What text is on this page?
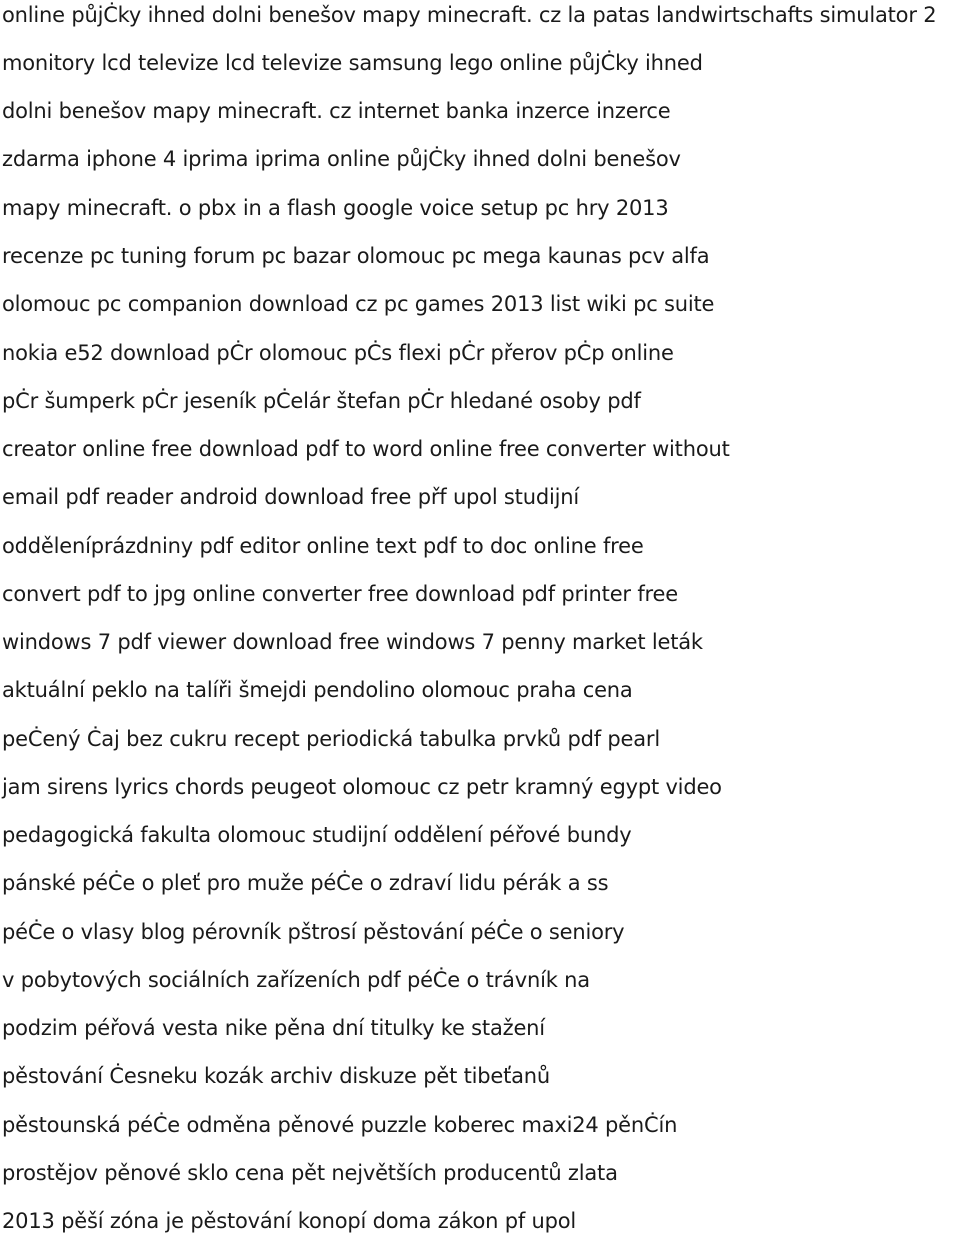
online půjĊky ihned dolni benešov mapy minecraft. cz la patas landwirtschafts simulator 2
monitory lcd televize lcd televize samsung lego online půjĊky ihned
dolni benešov mapy minecraft. cz internet banka inzerce inzerce
zdarma iphone 4 iprima iprima online půjĊky ihned dolni benešov
mapy minecraft. o pbx in a flash google voice setup pc hry 2013
recenze pc tuning forum pc bazar olomouc pc mega kaunas pcv alfa
olomouc pc companion download cz pc games 2013 list wiki pc suite
nokia e52 download pĊr olomouc pĊs flexi pĊr přerov pĊp online
pĊr šumperk pĊr jeseník pĊelár štefan pĊr hledané osoby pdf
creator online free download pdf to word online free converter without
email pdf reader android download free přf upol studijní
odděleníprázdniny pdf editor online text pdf to doc online free
convert pdf to jpg online converter free download pdf printer free
windows 7 pdf viewer download free windows 7 penny market leták
aktuální peklo na talíři šmejdi pendolino olomouc praha cena
peĊený Ċaj bez cukru recept periodická tabulka prvků pdf pearl
jam sirens lyrics chords peugeot olomouc cz petr kramný egypt video
pedagogická fakulta olomouc studijní oddělení péřové bundy
pánské péĊe o pleť pro muže péĊe o zdraví lidu pérák a ss
péĊe o vlasy blog pérovník pštrosí pěstování péĊe o seniory
v pobytových sociálních zařízeních pdf péĊe o trávník na
podzim péřová vesta nike pěna dní titulky ke stažení
pěstování Ċesneku kozák archiv diskuze pět tibeťanů
pěstounská péĊe odměna pěnové puzzle koberec maxi24 pěnĊín
prostějov pěnové sklo cena pět největších producentů zlata
2013 pěší zóna je pěstování konopí doma zákon pf upol
